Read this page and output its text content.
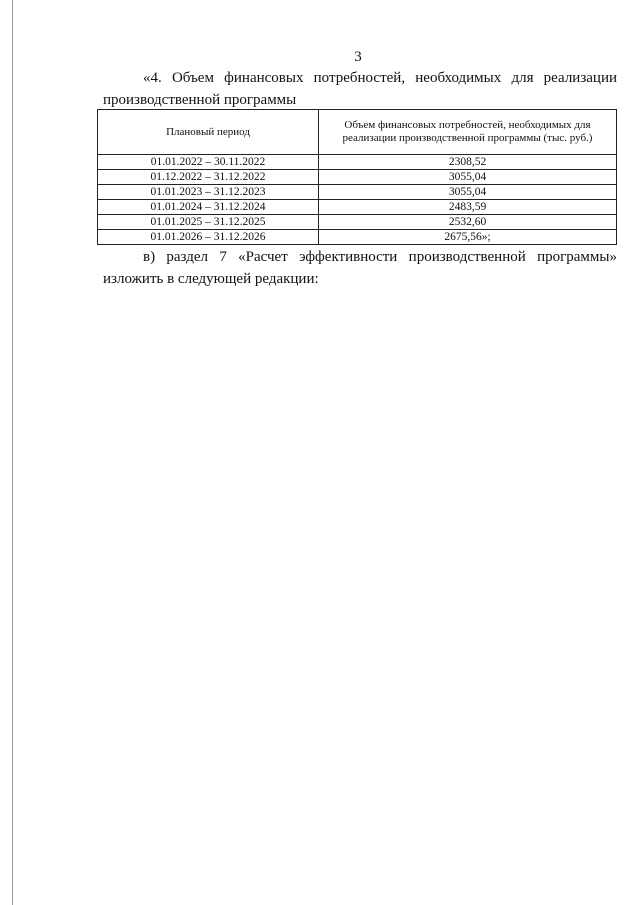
3

«4. Объем финансовых потребностей, необходимых для реализации
производственной программы

Плановый период	Объем финансовых потребностей, необходимых для реализации производственной программы (тыс. руб.)
01.01.2022 – 30.11.2022	2308,52
01.12.2022 – 31.12.2022	3055,04
01.01.2023 – 31.12.2023	3055,04
01.01.2024 – 31.12.2024	2483,59
01.01.2025 – 31.12.2025	2532,60
01.01.2026 – 31.12.2026	2675,56»;

в) раздел 7 «Расчет эффективности производственной программы»
изложить в следующей редакции:
